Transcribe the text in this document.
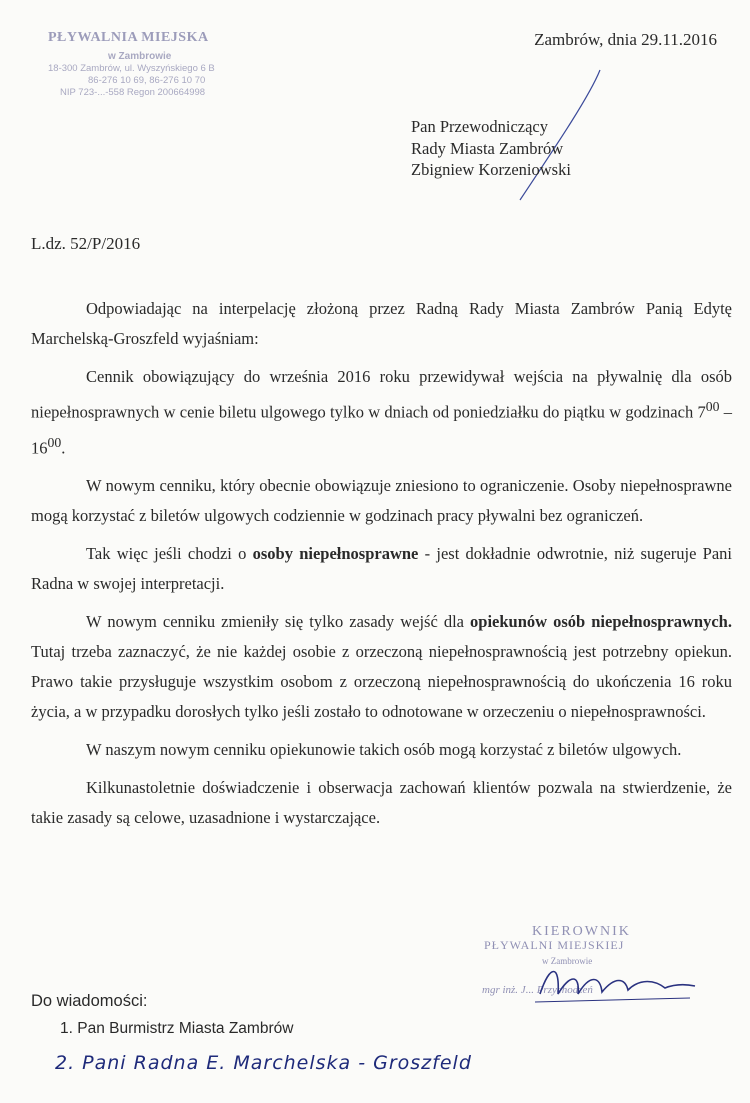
PŁYWALNIA MIEJSKA
w Zambrowie
18-300 Zambrów, ul. Wyszyńskiego 6 B
86-276 10 69, 86-276 10 70
NIP 723-...-558 Regon 200664998
Zambrów, dnia 29.11.2016
Pan Przewodniczący
Rady Miasta Zambrów
Zbigniew Korzeniowski
L.dz. 52/P/2016

Odpowiadając na interpelację złożoną przez Radną Rady Miasta Zambrów Panią Edytę Marchelską-Groszfeld wyjaśniam:

Cennik obowiązujący do września 2016 roku przewidywał wejścia na pływalnię dla osób niepełnosprawnych w cenie biletu ulgowego tylko w dniach od poniedziałku do piątku w godzinach $7^{00} - 16^{00}$.

W nowym cenniku, który obecnie obowiązuje zniesiono to ograniczenie. Osoby niepełnosprawne mogą korzystać z biletów ulgowych codziennie w godzinach pracy pływalni bez ograniczeń.

Tak więc jeśli chodzi o osoby niepełnosprawne - jest dokładnie odwrotnie, niż sugeruje Pani Radna w swojej interpretacji.

W nowym cenniku zmieniły się tylko zasady wejść dla opiekunów osób niepełnosprawnych. Tutaj trzeba zaznaczyć, że nie każdej osobie z orzeczoną niepełnosprawnością jest potrzebny opiekun. Prawo takie przysługuje wszystkim osobom z orzeczoną niepełnosprawnością do ukończenia 16 roku życia, a w przypadku dorosłych tylko jeśli zostało to odnotowane w orzeczeniu o niepełnosprawności.

W naszym nowym cenniku opiekunowie takich osób mogą korzystać z biletów ulgowych.

Kilkunastoletnie doświadczenie i obserwacja zachowań klientów pozwala na stwierdzenie, że takie zasady są celowe, uzasadnione i wystarczające.

KIEROWNIK
PŁYWALNI MIEJSKIEJ
w Zambrowie
mgr inż. J... Przychodzeń
Do wiadomości:
1. Pan Burmistrz Miasta Zambrów
2. Pani Radna E. Marchelska - Groszfeld
